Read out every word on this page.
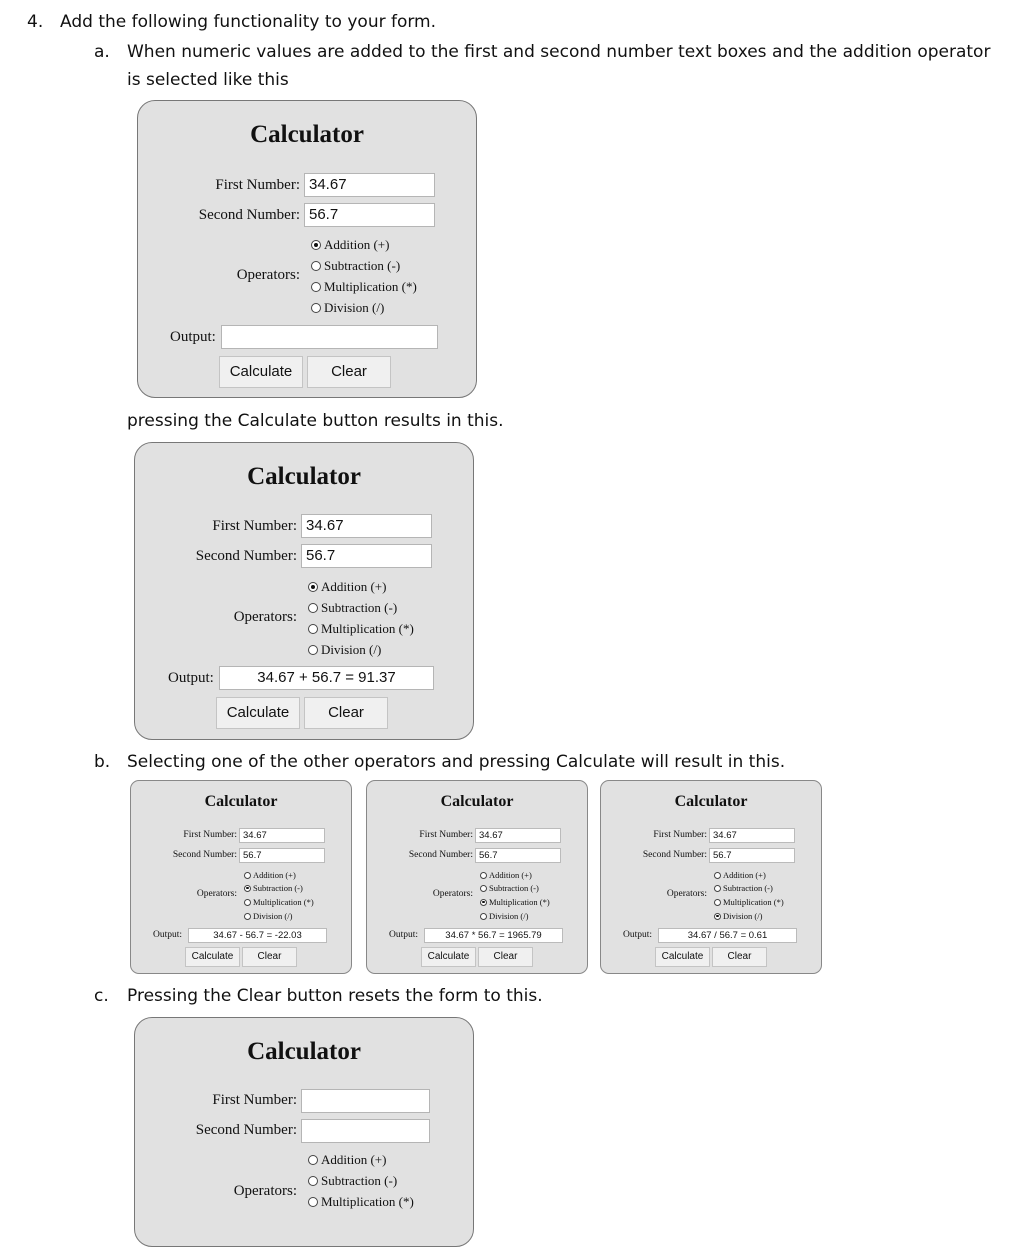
4. Add the following functionality to your form.
a. When numeric values are added to the first and second number text boxes and the addition operator is selected like this
Calculator
First Number: 34.67
Second Number: 56.7
Operators:
Addition (+)
Subtraction (-)
Multiplication (*)
Division (/)
Output:
Calculate	Clear
pressing the Calculate button results in this.
Calculator
First Number: 34.67
Second Number: 56.7
Operators:
Addition (+)
Subtraction (-)
Multiplication (*)
Division (/)
Output:	34.67 + 56.7 = 91.37
Calculate	Clear
b. Selecting one of the other operators and pressing Calculate will result in this.
Calculator
First Number: 34.67
Second Number: 56.7
Operators:
Addition (+)
Subtraction (-)
Multiplication (*)
Division (/)
Output:	34.67 - 56.7 = -22.03
Calculate	Clear
Calculator
First Number: 34.67
Second Number: 56.7
Operators:
Addition (+)
Subtraction (-)
Multiplication (*)
Division (/)
Output:	34.67 * 56.7 = 1965.79
Calculate	Clear
Calculator
First Number: 34.67
Second Number: 56.7
Operators:
Addition (+)
Subtraction (-)
Multiplication (*)
Division (/)
Output:	34.67 / 56.7 = 0.61
Calculate	Clear
c. Pressing the Clear button resets the form to this.
Calculator
First Number:
Second Number:
Operators:
Addition (+)
Subtraction (-)
Multiplication (*)
